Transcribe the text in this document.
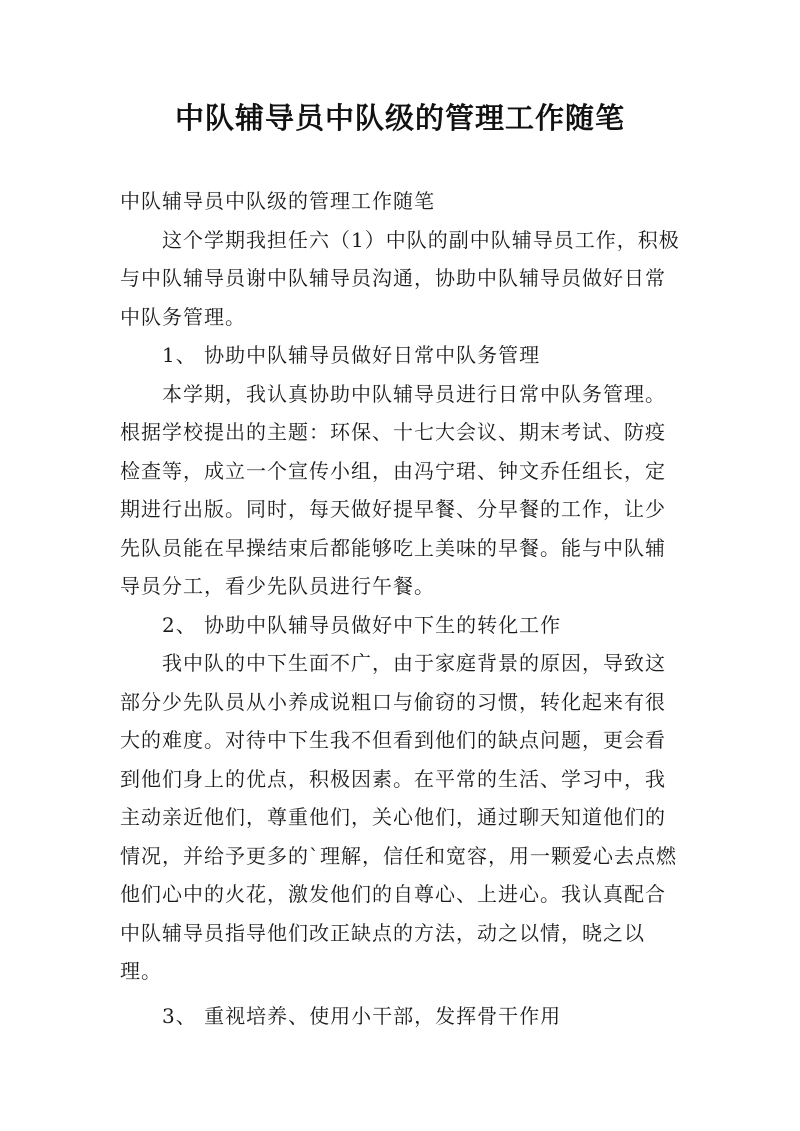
中队辅导员中队级的管理工作随笔

中队辅导员中队级的管理工作随笔

这个学期我担任六（1）中队的副中队辅导员工作，积极与中队辅导员谢中队辅导员沟通，协助中队辅导员做好日常中队务管理。

1、 协助中队辅导员做好日常中队务管理

本学期，我认真协助中队辅导员进行日常中队务管理。根据学校提出的主题：环保、十七大会议、期末考试、防疫检查等，成立一个宣传小组，由冯宁珺、钟文乔任组长，定期进行出版。同时，每天做好提早餐、分早餐的工作，让少先队员能在早操结束后都能够吃上美味的早餐。能与中队辅导员分工，看少先队员进行午餐。

2、 协助中队辅导员做好中下生的转化工作

我中队的中下生面不广，由于家庭背景的原因，导致这部分少先队员从小养成说粗口与偷窃的习惯，转化起来有很大的难度。对待中下生我不但看到他们的缺点问题，更会看到他们身上的优点，积极因素。在平常的生活、学习中，我主动亲近他们，尊重他们，关心他们，通过聊天知道他们的情况，并给予更多的`理解，信任和宽容，用一颗爱心去点燃他们心中的火花，激发他们的自尊心、上进心。我认真配合中队辅导员指导他们改正缺点的方法，动之以情，晓之以理。

3、 重视培养、使用小干部，发挥骨干作用
